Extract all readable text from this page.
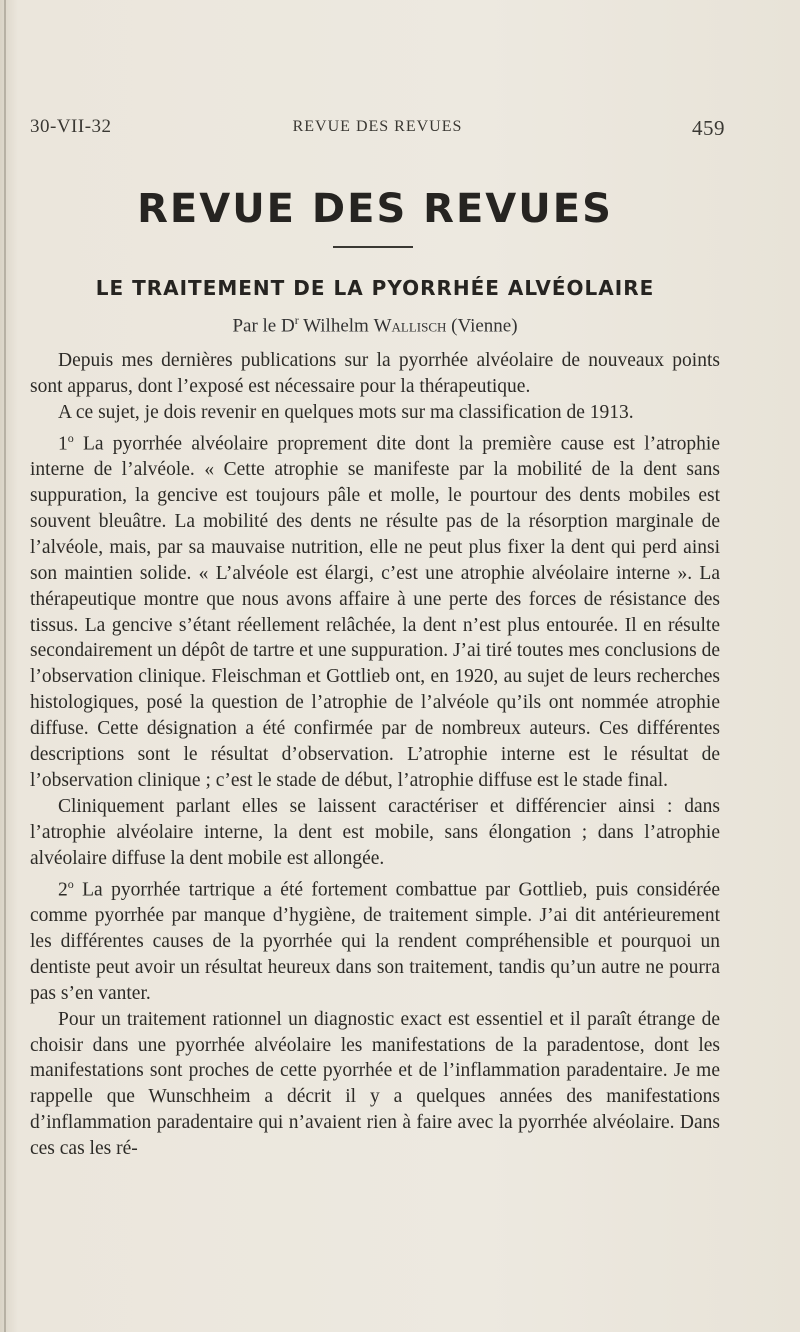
30-VII-32	REVUE DES REVUES	459
REVUE DES REVUES
LE TRAITEMENT DE LA PYORRHÉE ALVÉOLAIRE
Par le $D^r$ Wilhelm Wallisch (Vienne)

Depuis mes dernières publications sur la pyorrhée alvéolaire de nouveaux points sont apparus, dont l’exposé est nécessaire pour la thérapeutique.

A ce sujet, je dois revenir en quelques mots sur ma classification de 1913.

1$^o$ La pyorrhée alvéolaire proprement dite dont la première cause est l’atrophie interne de l’alvéole. « Cette atrophie se manifeste par la mobilité de la dent sans suppuration, la gencive est toujours pâle et molle, le pourtour des dents mobiles est souvent bleuâtre. La mobilité des dents ne résulte pas de la résorption marginale de l’alvéole, mais, par sa mauvaise nutrition, elle ne peut plus fixer la dent qui perd ainsi son maintien solide. « L’alvéole est élargi, c’est une atrophie alvéolaire interne ». La thérapeutique montre que nous avons affaire à une perte des forces de résistance des tissus. La gencive s’étant réellement relâchée, la dent n’est plus entourée. Il en résulte secondairement un dépôt de tartre et une suppuration. J’ai tiré toutes mes conclusions de l’observation clinique. Fleischman et Gottlieb ont, en 1920, au sujet de leurs recherches histologiques, posé la question de l’atrophie de l’alvéole qu’ils ont nommée atrophie diffuse. Cette désignation a été confirmée par de nombreux auteurs. Ces différentes descriptions sont le résultat d’observation. L’atrophie interne est le résultat de l’observation clinique ; c’est le stade de début, l’atrophie diffuse est le stade final.

Cliniquement parlant elles se laissent caractériser et différencier ainsi : dans l’atrophie alvéolaire interne, la dent est mobile, sans élongation ; dans l’atrophie alvéolaire diffuse la dent mobile est allongée.

2$^o$ La pyorrhée tartrique a été fortement combattue par Gottlieb, puis considérée comme pyorrhée par manque d’hygiène, de traitement simple. J’ai dit antérieurement les différentes causes de la pyorrhée qui la rendent compréhensible et pourquoi un dentiste peut avoir un résultat heureux dans son traitement, tandis qu’un autre ne pourra pas s’en vanter.

Pour un traitement rationnel un diagnostic exact est essentiel et il paraît étrange de choisir dans une pyorrhée alvéolaire les manifestations de la paradentose, dont les manifestations sont proches de cette pyorrhée et de l’inflammation paradentaire. Je me rappelle que Wunschheim a décrit il y a quelques années des manifestations d’inflammation paradentaire qui n’avaient rien à faire avec la pyorrhée alvéolaire. Dans ces cas les ré-
